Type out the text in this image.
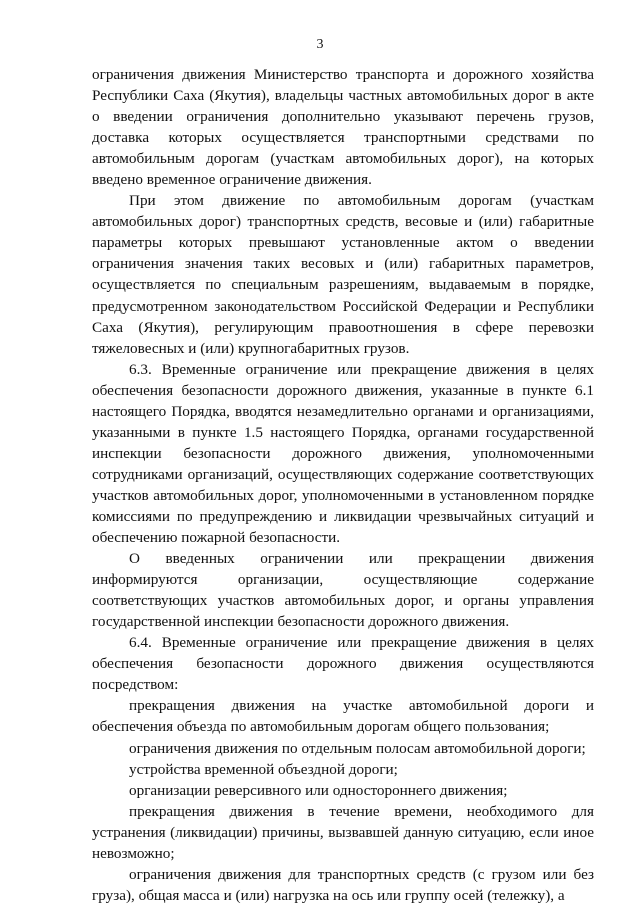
3

ограничения движения Министерство транспорта и дорожного хозяйства Республики Саха (Якутия), владельцы частных автомобильных дорог в акте о введении ограничения дополнительно указывают перечень грузов, доставка которых осуществляется транспортными средствами по автомобильным дорогам (участкам автомобильных дорог), на которых введено временное ограничение движения.

При этом движение по автомобильным дорогам (участкам автомобильных дорог) транспортных средств, весовые и (или) габаритные параметры которых превышают установленные актом о введении ограничения значения таких весовых и (или) габаритных параметров, осуществляется по специальным разрешениям, выдаваемым в порядке, предусмотренном законодательством Российской Федерации и Республики Саха (Якутия), регулирующим правоотношения в сфере перевозки тяжеловесных и (или) крупногабаритных грузов.

6.3. Временные ограничение или прекращение движения в целях обеспечения безопасности дорожного движения, указанные в пункте 6.1 настоящего Порядка, вводятся незамедлительно органами и организациями, указанными в пункте 1.5 настоящего Порядка, органами государственной инспекции безопасности дорожного движения, уполномоченными сотрудниками организаций, осуществляющих содержание соответствующих участков автомобильных дорог, уполномоченными в установленном порядке комиссиями по предупреждению и ликвидации чрезвычайных ситуаций и обеспечению пожарной безопасности.

О введенных ограничении или прекращении движения информируются организации, осуществляющие содержание соответствующих участков автомобильных дорог, и органы управления государственной инспекции безопасности дорожного движения.

6.4. Временные ограничение или прекращение движения в целях обеспечения безопасности дорожного движения осуществляются посредством:

прекращения движения на участке автомобильной дороги и обеспечения объезда по автомобильным дорогам общего пользования;

ограничения движения по отдельным полосам автомобильной дороги;

устройства временной объездной дороги;

организации реверсивного или одностороннего движения;

прекращения движения в течение времени, необходимого для устранения (ликвидации) причины, вызвавшей данную ситуацию, если иное невозможно;

ограничения движения для транспортных средств (с грузом или без груза), общая масса и (или) нагрузка на ось или группу осей (тележку), а
